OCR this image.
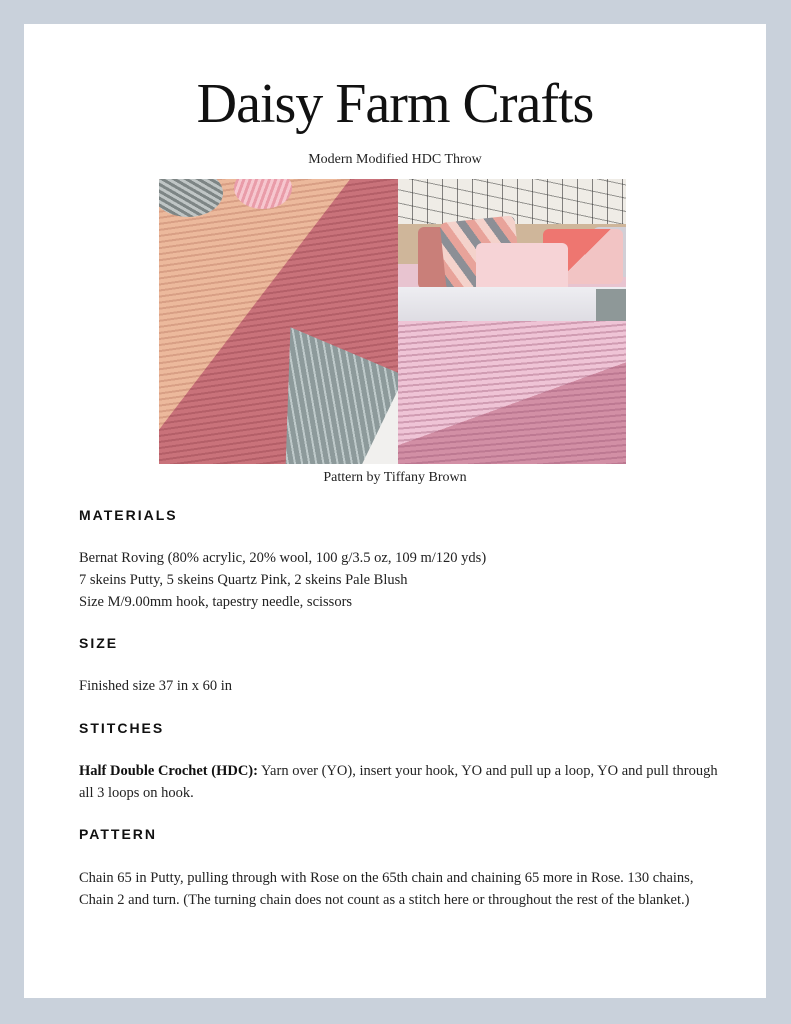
Daisy Farm Crafts
Modern Modified HDC Throw
Pattern by Tiffany Brown
MATERIALS
Bernat Roving (80% acrylic, 20% wool, 100 g/3.5 oz, 109 m/120 yds)
7 skeins Putty, 5 skeins Quartz Pink, 2 skeins Pale Blush
Size M/9.00mm hook, tapestry needle, scissors
SIZE
Finished size 37 in x 60 in
STITCHES
Half Double Crochet (HDC): Yarn over (YO), insert your hook, YO and pull up a loop, YO and pull through all 3 loops on hook.
PATTERN
Chain 65 in Putty, pulling through with Rose on the 65th chain and chaining 65 more in Rose. 130 chains, Chain 2 and turn. (The turning chain does not count as a stitch here or throughout the rest of the blanket.)
